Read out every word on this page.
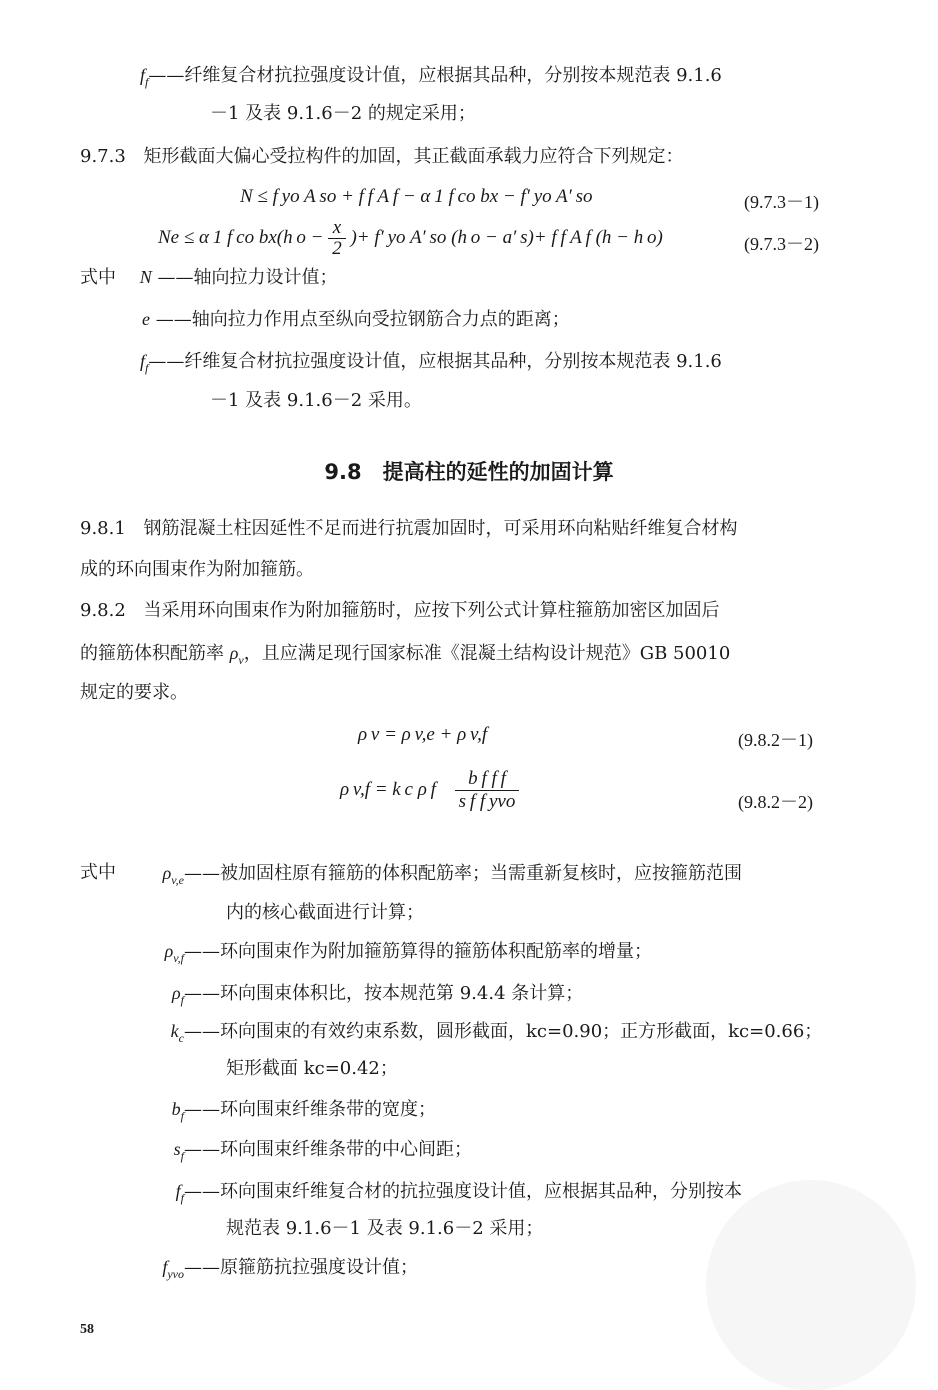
$f_f——$纤维复合材抗拉强度设计值，应根据其品种，分别按本规范表 9.1.6
－1 及表 9.1.6－2 的规定采用；
9.7.3 矩形截面大偏心受拉构件的加固，其正截面承载力应符合下列规定：
N ≤ f yo A so + f f A f − α 1 f co bx − f′ yo A′ so	(9.7.3－1)
Ne ≤ α 1 f co bx(h $o - \frac{x}{2}$ )+ f′ yo A′ so (h o − a′ s)+ f f A f (h − h o)	(9.7.3－2)
式中 N ——轴向拉力设计值；
e ——轴向拉力作用点至纵向受拉钢筋合力点的距离；
$f_f——$纤维复合材抗拉强度设计值，应根据其品种，分别按本规范表 9.1.6
－1 及表 9.1.6－2 采用。
9.8　提高柱的延性的加固计算
9.8.1 钢筋混凝土柱因延性不足而进行抗震加固时，可采用环向粘贴纤维复合材构
成的环向围束作为附加箍筋。
9.8.2 当采用环向围束作为附加箍筋时，应按下列公式计算柱箍筋加密区加固后
的箍筋体积配筋率 $\rho_v$，且应满足现行国家标准《混凝土结构设计规范》GB 50010
规定的要求。
ρ v = ρ v,e + ρ v,f	(9.8.2－1)
ρ v,f = k c ρ f $\frac{\text{b f f f}}{\text{s f f yvo}}$	(9.8.2－2)
式中	$\rho_{v,e}——$被加固柱原有箍筋的体积配筋率；当需重新复核时，应按箍筋范围
内的核心截面进行计算；
$\rho_{v,f}——$环向围束作为附加箍筋算得的箍筋体积配筋率的增量；
$\rho_f——$环向围束体积比，按本规范第 9.4.4 条计算；
$k_c——$环向围束的有效约束系数，圆形截面，kc=0.90；正方形截面，kc=0.66；
矩形截面 kc=0.42；
$b_f——$环向围束纤维条带的宽度；
$s_f——$环向围束纤维条带的中心间距；
$f_f——$环向围束纤维复合材的抗拉强度设计值，应根据其品种，分别按本
规范表 9.1.6－1 及表 9.1.6－2 采用；
$f_{yvo}——$原箍筋抗拉强度设计值；
58
